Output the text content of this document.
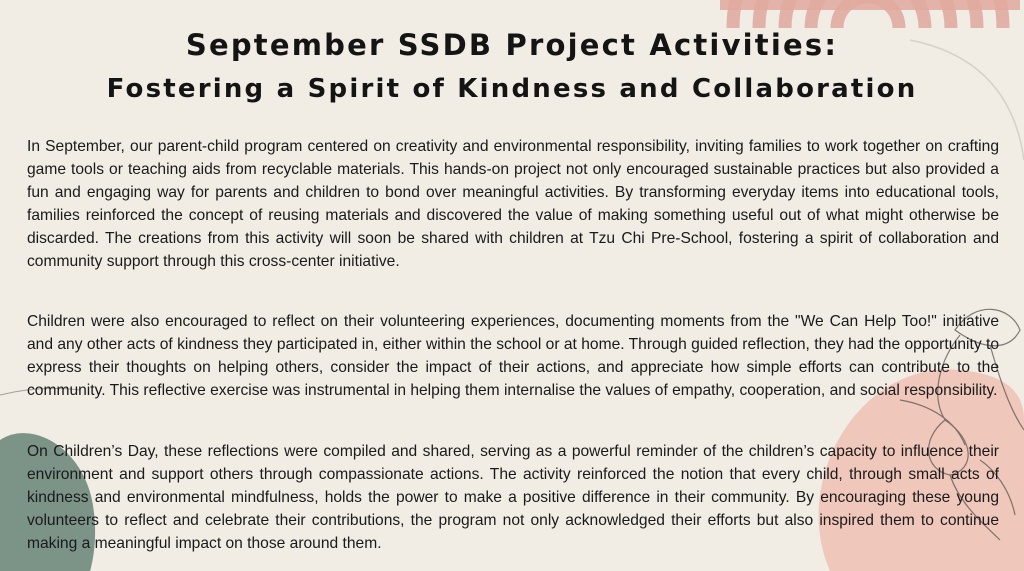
September SSDB Project Activities:
Fostering a Spirit of Kindness and Collaboration

In September, our parent-child program centered on creativity and environmental responsibility, inviting families to work together on crafting game tools or teaching aids from recyclable materials. This hands-on project not only encouraged sustainable practices but also provided a fun and engaging way for parents and children to bond over meaningful activities. By transforming everyday items into educational tools, families reinforced the concept of reusing materials and discovered the value of making something useful out of what might otherwise be discarded. The creations from this activity will soon be shared with children at Tzu Chi Pre-School, fostering a spirit of collaboration and community support through this cross-center initiative.

Children were also encouraged to reflect on their volunteering experiences, documenting moments from the "We Can Help Too!" initiative and any other acts of kindness they participated in, either within the school or at home. Through guided reflection, they had the opportunity to express their thoughts on helping others, consider the impact of their actions, and appreciate how simple efforts can contribute to the community. This reflective exercise was instrumental in helping them internalise the values of empathy, cooperation, and social responsibility.

On Children’s Day, these reflections were compiled and shared, serving as a powerful reminder of the children’s capacity to influence their environment and support others through compassionate actions. The activity reinforced the notion that every child, through small acts of kindness and environmental mindfulness, holds the power to make a positive difference in their community. By encouraging these young volunteers to reflect and celebrate their contributions, the program not only acknowledged their efforts but also inspired them to continue making a meaningful impact on those around them.
